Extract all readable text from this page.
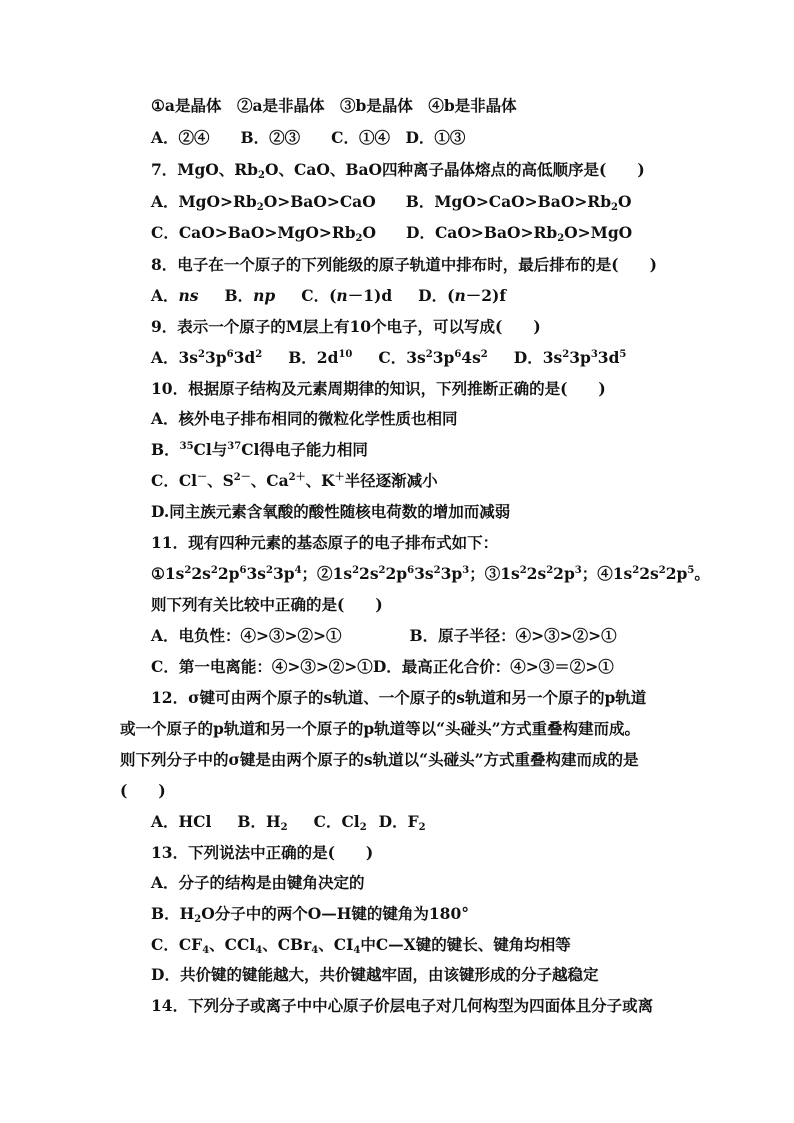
①a是晶体　②a是非晶体　③b是晶体　④b是非晶体
A．②④　　B．②③　　C．①④　D．①③
7．MgO、$Rb_2O$、CaO、BaO四种离子晶体熔点的高低顺序是(　　)
A．$MgO>Rb_2O>BaO>CaO$ B．$MgO>CaO>BaO>Rb_2O$
C．$CaO>BaO>MgO>Rb_2O$ D．$CaO>BaO>Rb_2O>MgO$
8．电子在一个原子的下列能级的原子轨道中排布时，最后排布的是(　　)
A．ns B．np C．(n－1)d D．(n－2)f
9．表示一个原子的M层上有10个电子，可以写成(　　)
A．$3s^23p^63d^2$ B．$2d^{10}$ C．$3s^23p^64s^2$ D．$3s^23p^33d^5$
10．根据原子结构及元素周期律的知识，下列推断正确的是(　　)
A．核外电子排布相同的微粒化学性质也相同
B．$^{35}$Cl与$^{37}$Cl得电子能力相同
C．Cl－、$S^{2-}$、$Ca^{2+}$、K＋半径逐渐减小
D.同主族元素含氧酸的酸性随核电荷数的增加而减弱
11．现有四种元素的基态原子的电子排布式如下：
$①1s^22s^22p^63s^23p^4$；$②1s^22s^22p^63s^23p^3$；$③1s^22s^22p^3$；$④1s^22s^22p^5$。
则下列有关比较中正确的是(　　)
A．电负性：④>③>②>①	B．原子半径：④>③>②>①
C．第一电离能：④>③>②>①D．最高正化合价：④>③＝②>①
12．σ键可由两个原子的s轨道、一个原子的s轨道和另一个原子的p轨道
或一个原子的p轨道和另一个原子的p轨道等以“头碰头”方式重叠构建而成。
则下列分子中的σ键是由两个原子的s轨道以“头碰头”方式重叠构建而成的是
(　　)
A．HCl B．$H_2$ C．$Cl_2$ D．$F_2$
13．下列说法中正确的是(　　)
A．分子的结构是由键角决定的
B．$H_2O$分子中的两个O—H键的键角为180°
C．$CF_4$、CCl$_4$、CBr$_4$、$CI_4$中C—X键的键长、键角均相等
D．共价键的键能越大，共价键越牢固，由该键形成的分子越稳定
14．下列分子或离子中中心原子价层电子对几何构型为四面体且分子或离
